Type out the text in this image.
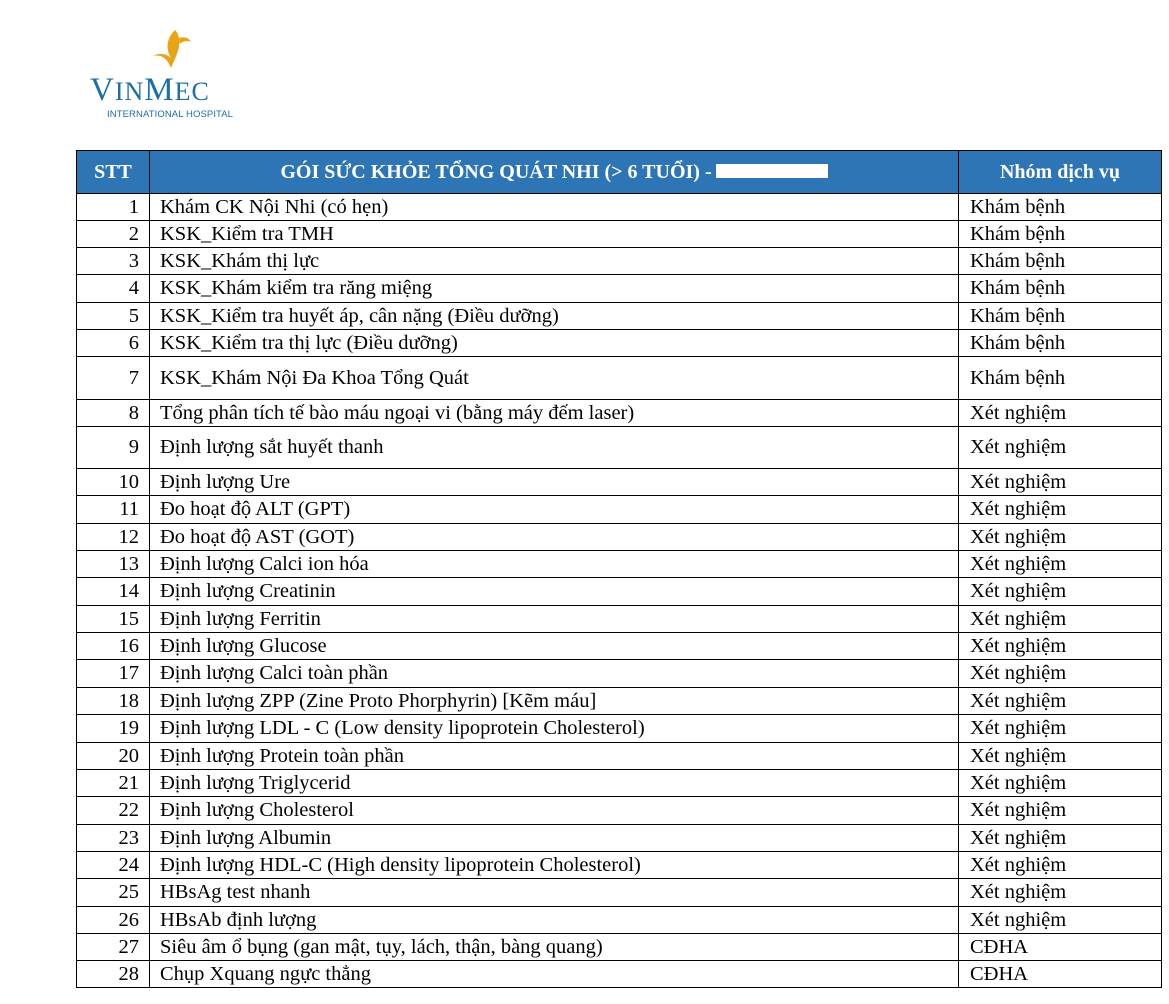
VINMEC
INTERNATIONAL HOSPITAL
STT	GÓI SỨC KHỎE TỔNG QUÁT NHI (> 6 TUỔI) -	Nhóm dịch vụ
1	Khám CK Nội Nhi (có hẹn)	Khám bệnh
2	KSK_Kiểm tra TMH	Khám bệnh
3	KSK_Khám thị lực	Khám bệnh
4	KSK_Khám kiểm tra răng miệng	Khám bệnh
5	KSK_Kiểm tra huyết áp, cân nặng (Điều dưỡng)	Khám bệnh
6	KSK_Kiểm tra thị lực (Điều dưỡng)	Khám bệnh
7	KSK_Khám Nội Đa Khoa Tổng Quát	Khám bệnh
8	Tổng phân tích tế bào máu ngoại vi (bằng máy đếm laser)	Xét nghiệm
9	Định lượng sắt huyết thanh	Xét nghiệm
10	Định lượng Ure	Xét nghiệm
11	Đo hoạt độ ALT (GPT)	Xét nghiệm
12	Đo hoạt độ AST (GOT)	Xét nghiệm
13	Định lượng Calci ion hóa	Xét nghiệm
14	Định lượng Creatinin	Xét nghiệm
15	Định lượng Ferritin	Xét nghiệm
16	Định lượng Glucose	Xét nghiệm
17	Định lượng Calci toàn phần	Xét nghiệm
18	Định lượng ZPP (Zine Proto Phorphyrin) [Kẽm máu]	Xét nghiệm
19	Định lượng LDL - C (Low density lipoprotein Cholesterol)	Xét nghiệm
20	Định lượng Protein toàn phần	Xét nghiệm
21	Định lượng Triglycerid	Xét nghiệm
22	Định lượng Cholesterol	Xét nghiệm
23	Định lượng Albumin	Xét nghiệm
24	Định lượng HDL-C (High density lipoprotein Cholesterol)	Xét nghiệm
25	HBsAg test nhanh	Xét nghiệm
26	HBsAb định lượng	Xét nghiệm
27	Siêu âm ổ bụng (gan mật, tụy, lách, thận, bàng quang)	CĐHA
28	Chụp Xquang ngực thẳng	CĐHA
